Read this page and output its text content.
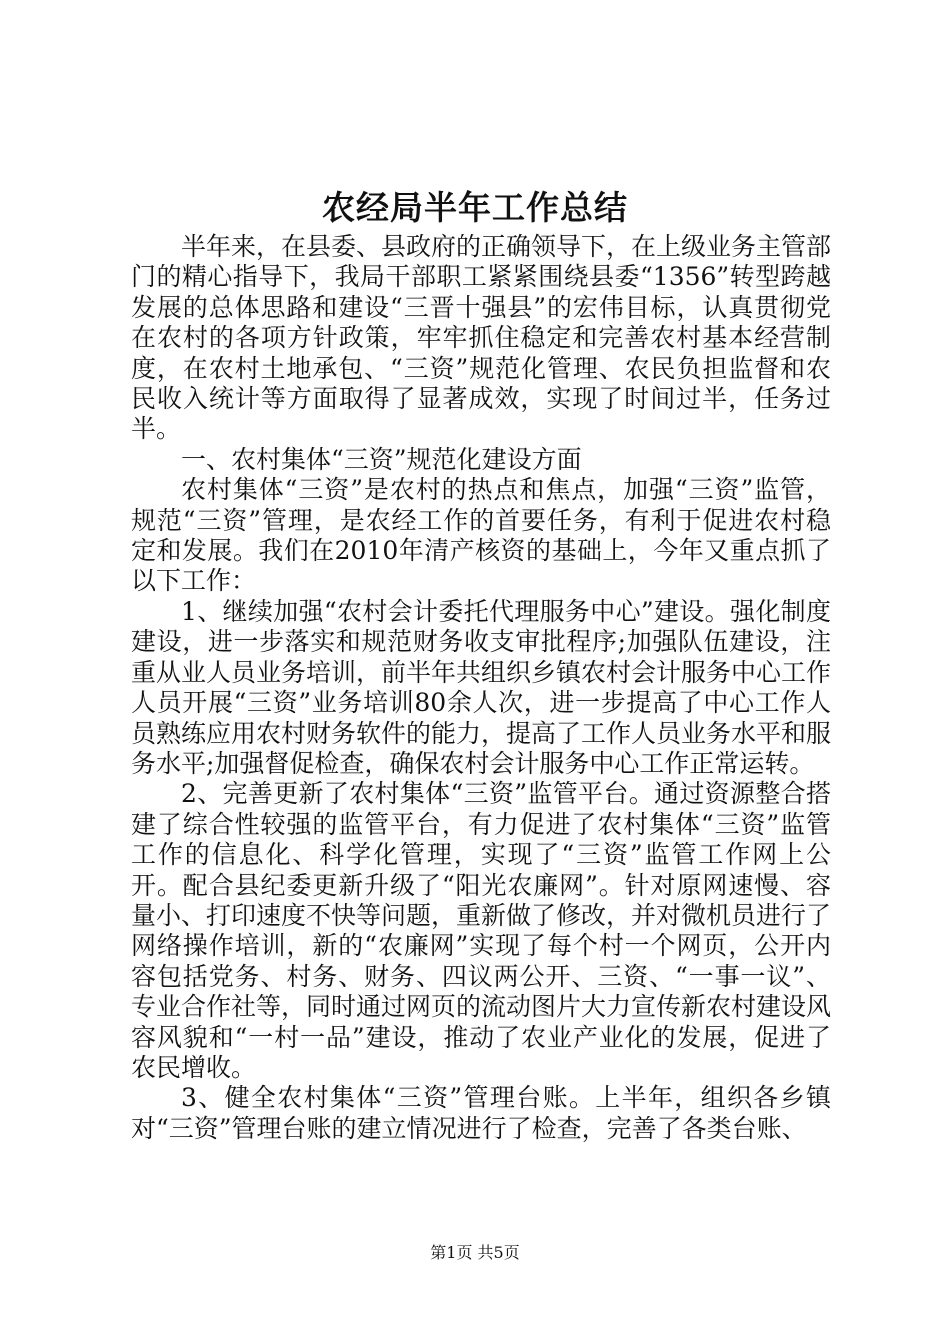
农经局半年工作总结

半年来，在县委、县政府的正确领导下，在上级业务主管部门的精心指导下，我局干部职工紧紧围绕县委“1356”转型跨越发展的总体思路和建设“三晋十强县”的宏伟目标，认真贯彻党在农村的各项方针政策，牢牢抓住稳定和完善农村基本经营制度，在农村土地承包、“三资”规范化管理、农民负担监督和农民收入统计等方面取得了显著成效，实现了时间过半，任务过半。

一、农村集体“三资”规范化建设方面

农村集体“三资”是农村的热点和焦点，加强“三资”监管，规范“三资”管理，是农经工作的首要任务，有利于促进农村稳定和发展。我们在2010年清产核资的基础上，今年又重点抓了以下工作：

1、继续加强“农村会计委托代理服务中心”建设。强化制度建设，进一步落实和规范财务收支审批程序;加强队伍建设，注重从业人员业务培训，前半年共组织乡镇农村会计服务中心工作人员开展“三资”业务培训80余人次，进一步提高了中心工作人员熟练应用农村财务软件的能力，提高了工作人员业务水平和服务水平;加强督促检查，确保农村会计服务中心工作正常运转。

2、完善更新了农村集体“三资”监管平台。通过资源整合搭建了综合性较强的监管平台，有力促进了农村集体“三资”监管工作的信息化、科学化管理，实现了“三资”监管工作网上公开。配合县纪委更新升级了“阳光农廉网”。针对原网速慢、容量小、打印速度不快等问题，重新做了修改，并对微机员进行了网络操作培训，新的“农廉网”实现了每个村一个网页，公开内容包括党务、村务、财务、四议两公开、三资、“一事一议”、专业合作社等，同时通过网页的流动图片大力宣传新农村建设风容风貌和“一村一品”建设，推动了农业产业化的发展，促进了农民增收。

3、健全农村集体“三资”管理台账。上半年，组织各乡镇对“三资”管理台账的建立情况进行了检查，完善了各类台账、

第1页 共5页
